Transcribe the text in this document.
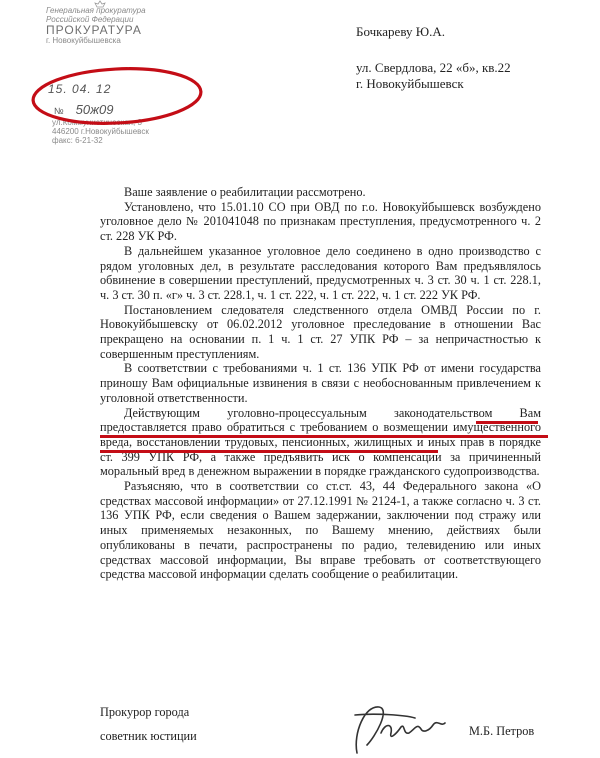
Генеральная прокуратура
Российской Федерации
ПРОКУРАТУРА
г. Новокуйбышевска
15. 04. 12
№ 50ж09
ул.Коммунистическая, 3
446200 г.Новокуйбышевск
факс: 6-21-32
Бочкареву Ю.А.
ул. Свердлова, 22 «б», кв.22
г. Новокуйбышевск

Ваше заявление о реабилитации рассмотрено.

Установлено, что 15.01.10 СО при ОВД по г.о. Новокуйбышевск возбуждено уголовное дело № 201041048 по признакам преступления, предусмотренного ч. 2 ст. 228 УК РФ.

В дальнейшем указанное уголовное дело соединено в одно производство с рядом уголовных дел, в результате расследования которого Вам предъявлялось обвинение в совершении преступлений, предусмотренных ч. 3 ст. 30 ч. 1 ст. 228.1, ч. 3 ст. 30 п. «г» ч. 3 ст. 228.1, ч. 1 ст. 222, ч. 1 ст. 222, ч. 1 ст. 222 УК РФ.

Постановлением следователя следственного отдела ОМВД России по г. Новокуйбышевску от 06.02.2012 уголовное преследование в отношении Вас прекращено на основании п. 1 ч. 1 ст. 27 УПК РФ – за непричастностью к совершенным преступлениям.

В соответствии с требованиями ч. 1 ст. 136 УПК РФ от имени государства приношу Вам официальные извинения в связи с необоснованным привлечением к уголовной ответственности.

Действующим уголовно-процессуальным законодательством Вам предоставляется право обратиться с требованием о возмещении имущественного вреда, восстановлении трудовых, пенсионных, жилищных и иных прав в порядке ст. 399 УПК РФ, а также предъявить иск о компенсации за причиненный моральный вред в денежном выражении в порядке гражданского судопроизводства.

Разъясняю, что в соответствии со ст.ст. 43, 44 Федерального закона «О средствах массовой информации» от 27.12.1991 № 2124-1, а также согласно ч. 3 ст. 136 УПК РФ, если сведения о Вашем задержании, заключении под стражу или иных применяемых незаконных, по Вашему мнению, действиях были опубликованы в печати, распространены по радио, телевидению или иных средствах массовой информации, Вы вправе требовать от соответствующего средства массовой информации сделать сообщение о реабилитации.

Прокурор города
советник юстиции	М.Б. Петров
